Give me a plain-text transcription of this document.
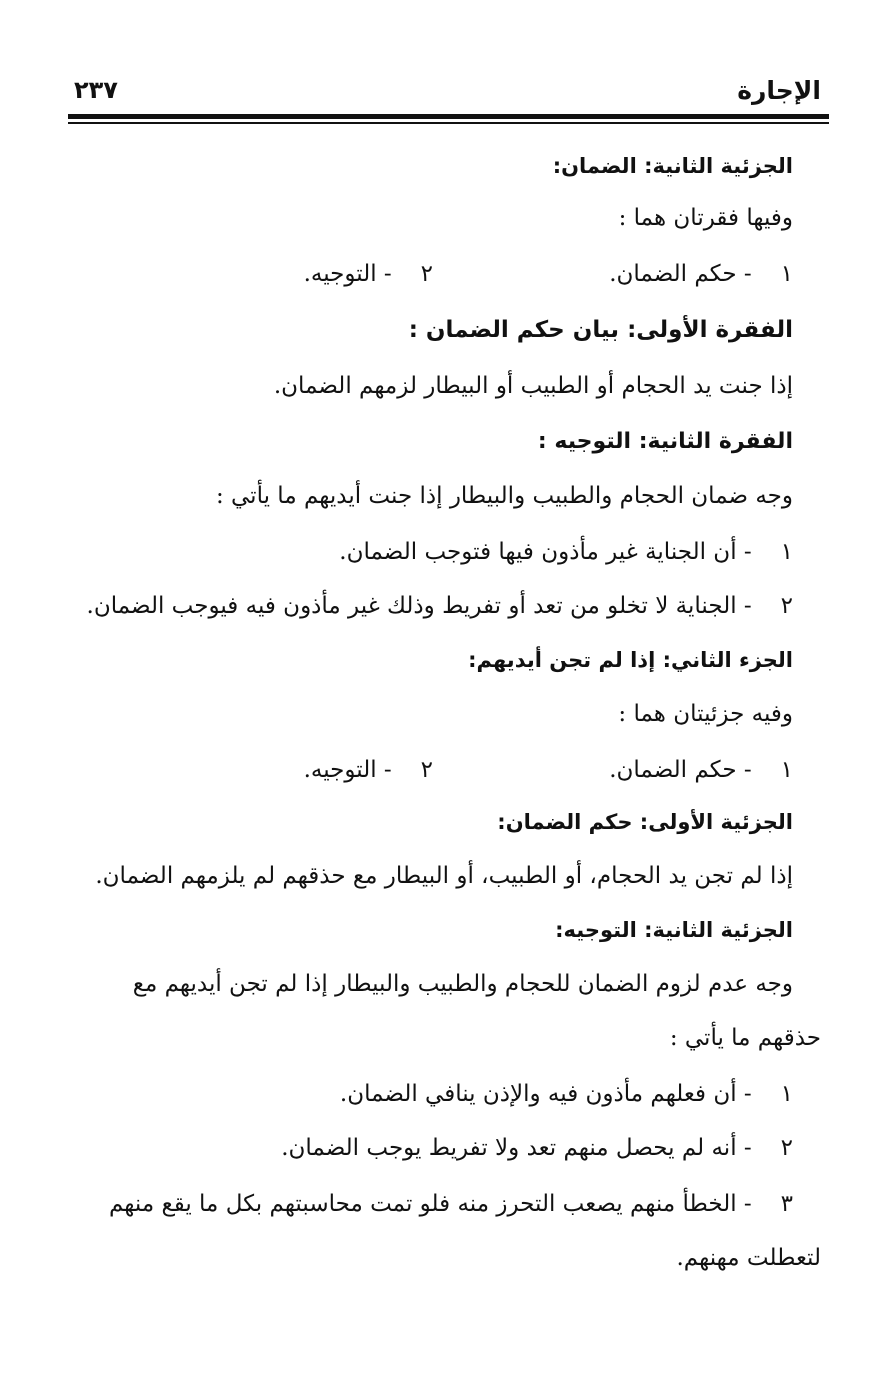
الإجارة
٢٣٧
الجزئية الثانية: الضمان:
وفيها فقرتان هما :
١ - حكم الضمان.
٢ - التوجيه.
الفقرة الأولى: بيان حكم الضمان :
إذا جنت يد الحجام أو الطبيب أو البيطار لزمهم الضمان.
الفقرة الثانية: التوجيه :
وجه ضمان الحجام والطبيب والبيطار إذا جنت أيديهم ما يأتي :
١ - أن الجناية غير مأذون فيها فتوجب الضمان.
٢ - الجناية لا تخلو من تعد أو تفريط وذلك غير مأذون فيه فيوجب الضمان.
الجزء الثاني: إذا لم تجن أيديهم:
وفيه جزئيتان هما :
١ - حكم الضمان.
٢ - التوجيه.
الجزئية الأولى: حكم الضمان:
إذا لم تجن يد الحجام، أو الطبيب، أو البيطار مع حذقهم لم يلزمهم الضمان.
الجزئية الثانية: التوجيه:
وجه عدم لزوم الضمان للحجام والطبيب والبيطار إذا لم تجن أيديهم مع
حذقهم ما يأتي :
١ - أن فعلهم مأذون فيه والإذن ينافي الضمان.
٢ - أنه لم يحصل منهم تعد ولا تفريط يوجب الضمان.
٣ - الخطأ منهم يصعب التحرز منه فلو تمت محاسبتهم بكل ما يقع منهم
لتعطلت مهنهم.
